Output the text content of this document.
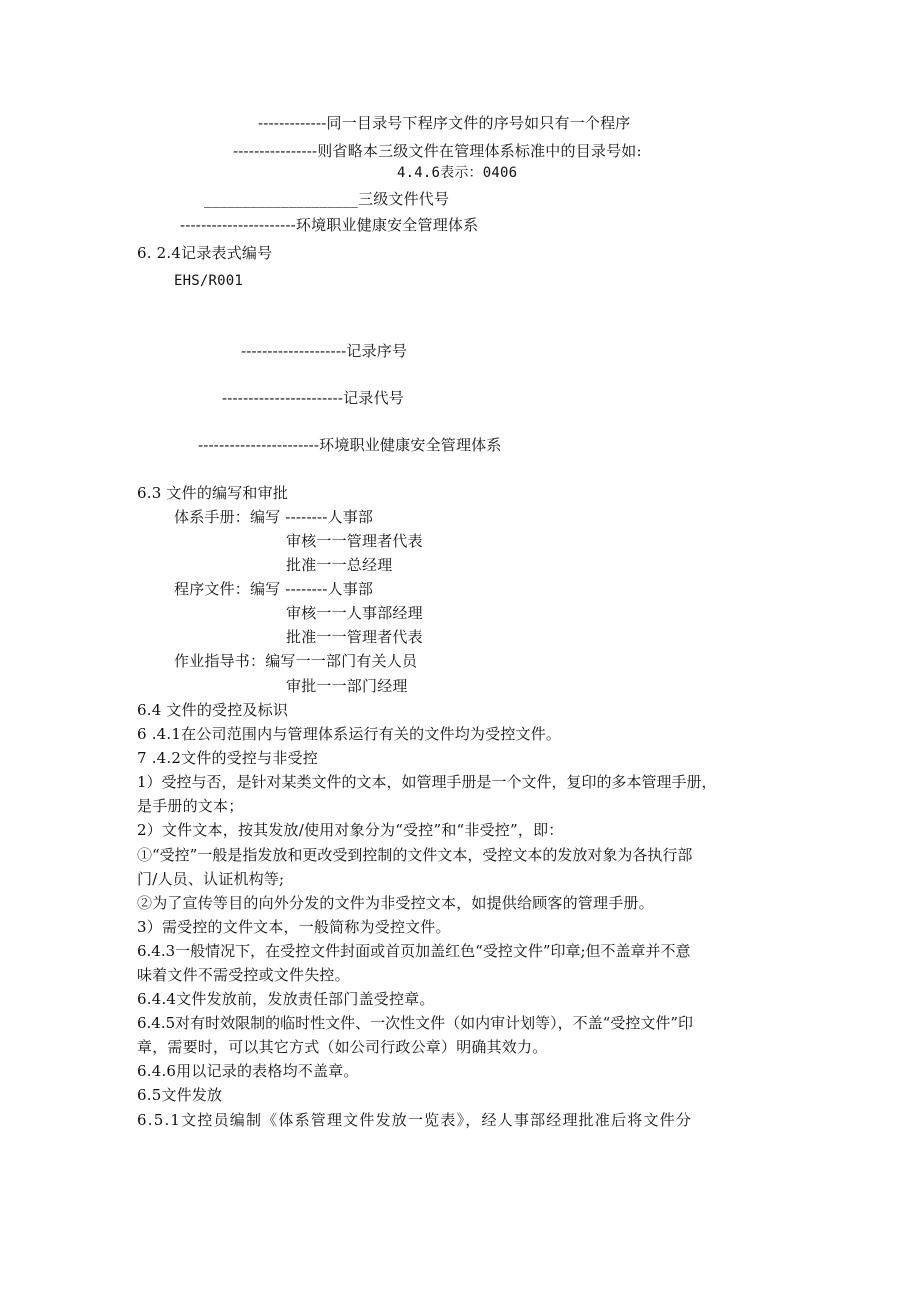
-------------同一目录号下程序文件的序号如只有一个程序
----------------则省略本三级文件在管理体系标准中的目录号如:
4.4.6表示：0406
____________________三级文件代号
----------------------环境职业健康安全管理体系
6. 2.4记录表式编号
EHS/R001
--------------------记录序号
-----------------------记录代号
-----------------------环境职业健康安全管理体系
6.3 文件的编写和审批
体系手册：编写 --------人事部
审核一一管理者代表
批准一一总经理
程序文件：编写 --------人事部
审核一一人事部经理
批准一一管理者代表
作业指导书：编写一一部门有关人员
审批一一部门经理
6.4 文件的受控及标识
6 .4.1在公司范围内与管理体系运行有关的文件均为受控文件。
7 .4.2文件的受控与非受控
1）受控与否，是针对某类文件的文本，如管理手册是一个文件，复印的多本管理手册，
是手册的文本；
2）文件文本，按其发放/使用对象分为“受控”和“非受控”，即：
①“受控”一般是指发放和更改受到控制的文件文本，受控文本的发放对象为各执行部
门/人员、认证机构等;
②为了宣传等目的向外分发的文件为非受控文本，如提供给顾客的管理手册。
3）需受控的文件文本，一般简称为受控文件。
6.4.3一般情况下，在受控文件封面或首页加盖红色“受控文件”印章;但不盖章并不意
味着文件不需受控或文件失控。
6.4.4文件发放前，发放责任部门盖受控章。
6.4.5对有时效限制的临时性文件、一次性文件（如内审计划等），不盖“受控文件”印
章，需要时，可以其它方式（如公司行政公章）明确其效力。
6.4.6用以记录的表格均不盖章。
6.5文件发放
6.5.1文控员编制《体系管理文件发放一览表》，经人事部经理批准后将文件分
